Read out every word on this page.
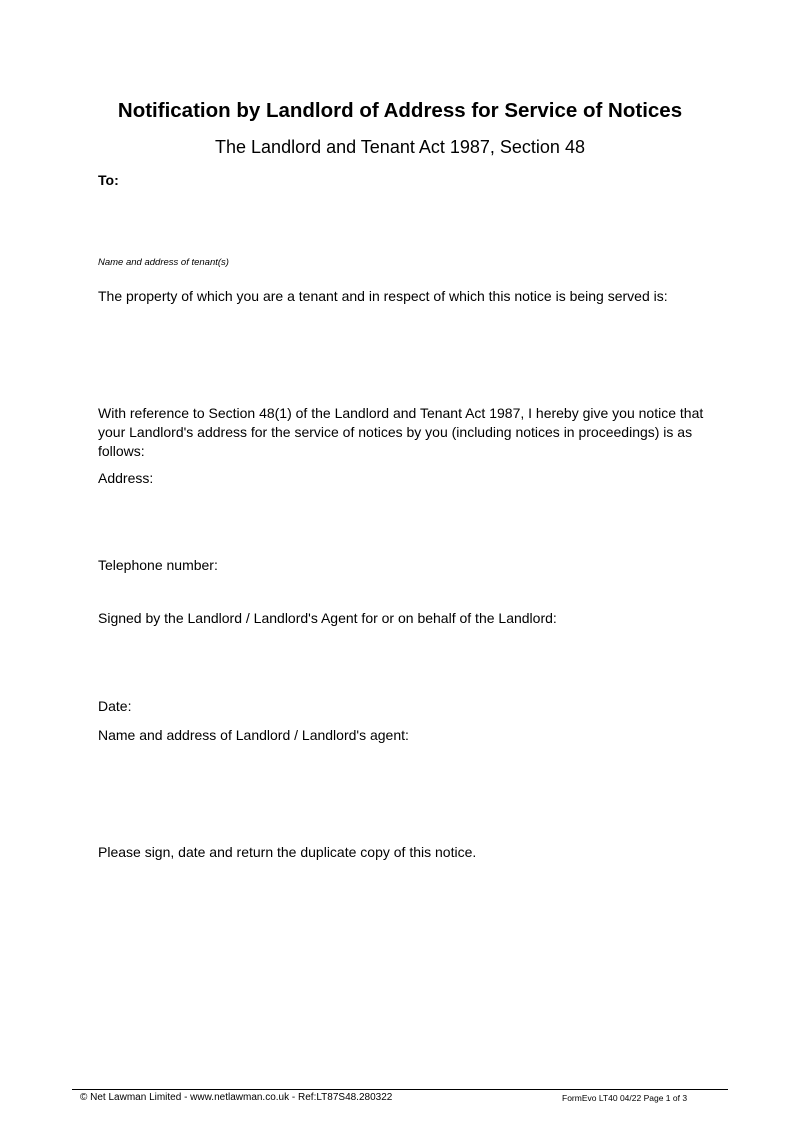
Notification by Landlord of Address for Service of Notices
The Landlord and Tenant Act 1987, Section 48
To:
Name and address of tenant(s)
The property of which you are a tenant and in respect of which this notice is being served is:
With reference to Section 48(1) of the Landlord and Tenant Act 1987, I hereby give you notice that your Landlord's address for the service of notices by you (including notices in proceedings) is as follows:
Address:
Telephone number:
Signed by the Landlord / Landlord's Agent for or on behalf of the Landlord:
Date:
Name and address of Landlord / Landlord's agent:
Please sign, date and return the duplicate copy of this notice.
© Net Lawman Limited - www.netlawman.co.uk - Ref:LT87S48.280322	FormEvo LT40 04/22 Page 1 of 3
